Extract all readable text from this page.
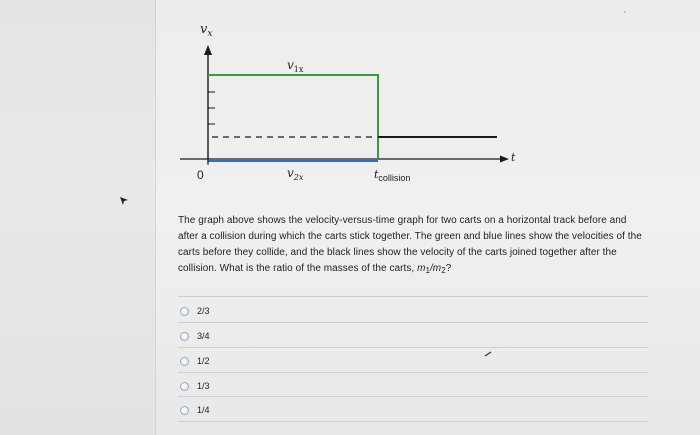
$v_x$
$v_{1x}$
$v_{2x}$
0
t
$t_{collision}$
The graph above shows the velocity-versus-time graph for two carts on a horizontal track before and after a collision during which the carts stick together. The green and blue lines show the velocities of the carts before they collide, and the black lines show the velocity of the carts joined together after the collision. What is the ratio of the masses of the carts, $m_1/m_2$?
2/3
3/4
1/2
1/3
1/4
